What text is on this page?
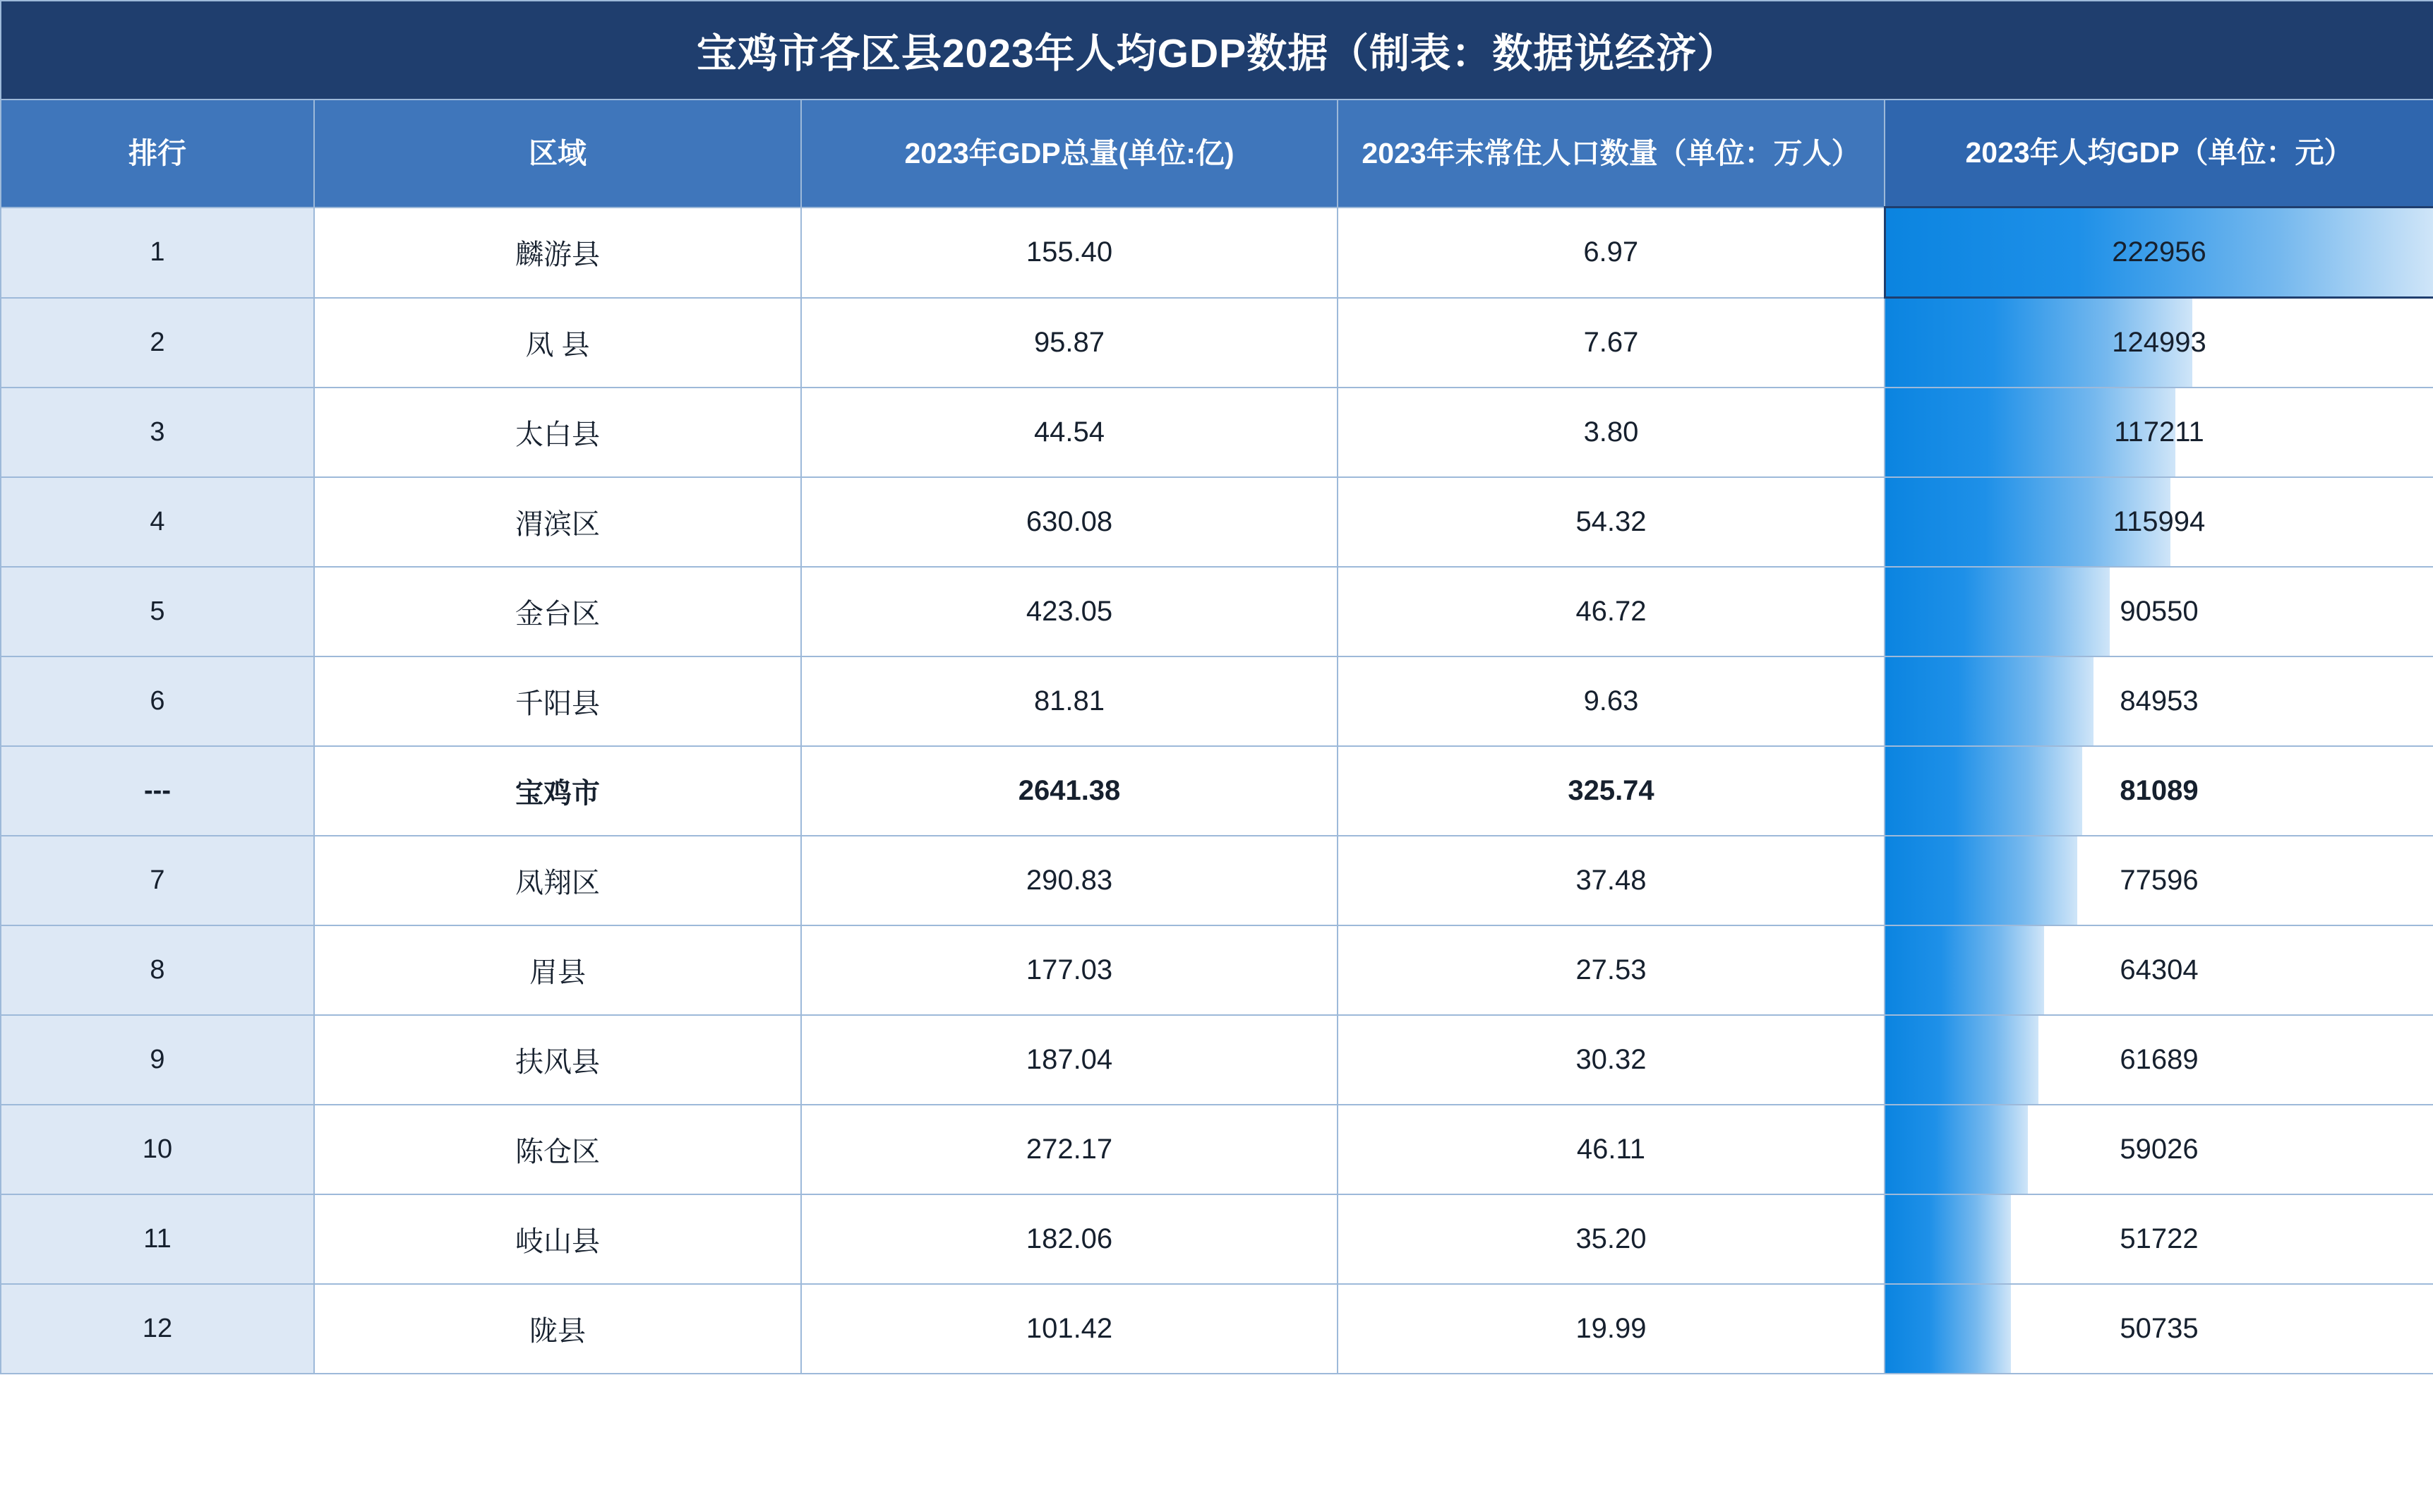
宝鸡市各区县2023年人均GDP数据（制表：数据说经济）				
排行	区域	2023年GDP总量(单位:亿)	2023年末常住人口数量（单位：万人）	2023年人均GDP（单位：元）
1	麟游县	155.40	6.97	222956

2	凤 县	95.87	7.67	124993

3	太白县	44.54	3.80	117211

4	渭滨区	630.08	54.32	115994

5	金台区	423.05	46.72	90550

6	千阳县	81.81	9.63	84953

---	宝鸡市	2641.38	325.74	81089

7	凤翔区	290.83	37.48	77596

8	眉县	177.03	27.53	64304

9	扶风县	187.04	30.32	61689

10	陈仓区	272.17	46.11	59026

11	岐山县	182.06	35.20	51722

12	陇县	101.42	19.99	50735
